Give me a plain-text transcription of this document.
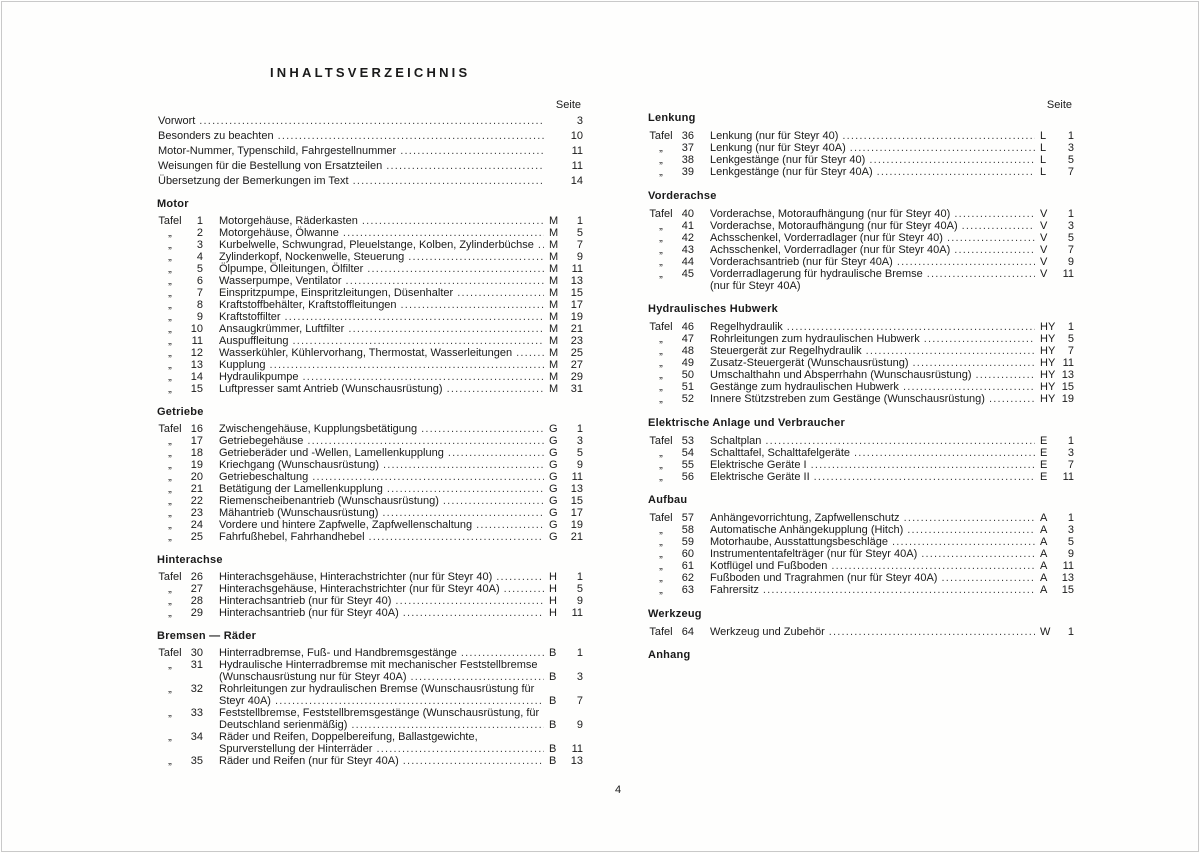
INHALTSVERZEICHNIS
Seite
Vorwort .....	3
Besonders zu beachten .....	10
Motor-Nummer, Typenschild, Fahrgestellnummer .....	11
Weisungen für die Bestellung von Ersatzteilen .....	11
Übersetzung der Bemerkungen im Text .....	14
Motor
Tafel	1 Motorgehäuse, Räderkasten .....	M	1
„	2 Motorgehäuse, Ölwanne .....	M	5
„	3 Kurbelwelle, Schwungrad, Pleuelstange, Kolben, Zylinderbüchse ..... M	7
„	4 Zylinderkopf, Nockenwelle, Steuerung .....	M	9
„	5 Ölpumpe, Ölleitungen, Ölfilter .....	M	11
„	6 Wasserpumpe, Ventilator .....	M	13
„	7 Einspritzpumpe, Einspritzleitungen, Düsenhalter .....	M	15
„	8 Kraftstoffbehälter, Kraftstoffleitungen .....	M	17
„	9 Kraftstoffilter .....	M	19
„	10 Ansaugkrümmer, Luftfilter .....	M	21
„	11 Auspuffleitung .....	M	23
„	12 Wasserkühler, Kühlervorhang, Thermostat, Wasserleitungen .....	M	25
„	13 Kupplung .....	M	27
„	14 Hydraulikpumpe .....	M	29
„	15 Luftpresser samt Antrieb (Wunschausrüstung) .....	M	31
Getriebe
Tafel 16 Zwischengehäuse, Kupplungsbetätigung .....	G	1
„	17 Getriebegehäuse .....	G	3
„	18 Getrieberäder und -Wellen, Lamellenkupplung .....	G	5
„	19 Kriechgang (Wunschausrüstung) .....	G	9
„	20 Getriebeschaltung .....	G	11
„	21 Betätigung der Lamellenkupplung .....	G	13
„	22 Riemenscheibenantrieb (Wunschausrüstung) .....	G	15
„	23 Mähantrieb (Wunschausrüstung) .....	G	17
„	24 Vordere und hintere Zapfwelle, Zapfwellenschaltung .....	G	19
„	25 Fahrfußhebel, Fahrhandhebel .....	G	21
Hinterachse
Tafel 26 Hinterachsgehäuse, Hinterachstrichter (nur für Steyr 40) .....	H	1
„	27 Hinterachsgehäuse, Hinterachstrichter (nur für Steyr 40A) .....	H	5
„	28 Hinterachsantrieb (nur für Steyr 40) .....	H	9
„	29 Hinterachsantrieb (nur für Steyr 40A) .....	H	11
Bremsen — Räder
Tafel 30 Hinterradbremse, Fuß- und Handbremsgestänge .....	B	1
„	31 Hydraulische Hinterradbremse mit mechanischer Feststellbremse
(Wunschausrüstung nur für Steyr 40A) .....	B	3
„	32 Rohrleitungen zur hydraulischen Bremse (Wunschausrüstung für
Steyr 40A) .....	B	7
„	33 Feststellbremse, Feststellbremsgestänge (Wunschausrüstung, für
Deutschland serienmäßig) .....	B	9
„	34 Räder und Reifen, Doppelbereifung, Ballastgewichte,
Spurverstellung der Hinterräder .....	B	11
„	35 Räder und Reifen (nur für Steyr 40A) .....	B	13
Seite
Lenkung
Tafel 36 Lenkung (nur für Steyr 40) .....	L	1
„	37 Lenkung (nur für Steyr 40A) .....	L	3
„	38 Lenkgestänge (nur für Steyr 40) .....	L	5
„	39 Lenkgestänge (nur für Steyr 40A) .....	L	7
Vorderachse
Tafel 40 Vorderachse, Motoraufhängung (nur für Steyr 40) .....	V	1
„	41 Vorderachse, Motoraufhängung (nur für Steyr 40A) .....	V	3
„	42 Achsschenkel, Vorderradlager (nur für Steyr 40) .....	V	5
„	43 Achsschenkel, Vorderradlager (nur für Steyr 40A) .....	V	7
„	44 Vorderachsantrieb (nur für Steyr 40A) .....	V	9
„	45 Vorderradlagerung für hydraulische Bremse .....	V	11
(nur für Steyr 40A)
Hydraulisches Hubwerk
Tafel 46 Regelhydraulik .....	HY	1
„	47 Rohrleitungen zum hydraulischen Hubwerk .....	HY	5
„	48 Steuergerät zur Regelhydraulik .....	HY	7
„	49 Zusatz-Steuergerät (Wunschausrüstung) .....	HY 11
„	50 Umschalthahn und Absperrhahn (Wunschausrüstung) .....	HY 13
„	51 Gestänge zum hydraulischen Hubwerk .....	HY 15
„	52 Innere Stützstreben zum Gestänge (Wunschausrüstung) .....	HY 19
Elektrische Anlage und Verbraucher
Tafel 53 Schaltplan .....	E	1
„	54 Schalttafel, Schalttafelgeräte .....	E	3
„	55 Elektrische Geräte I .....	E	7
„	56 Elektrische Geräte II .....	E	11
Aufbau
Tafel 57 Anhängevorrichtung, Zapfwellenschutz .....	A	1
„	58 Automatische Anhängekupplung (Hitch) .....	A	3
„	59 Motorhaube, Ausstattungsbeschläge .....	A	5
„	60 Instrumententafelträger (nur für Steyr 40A) .....	A	9
„	61 Kotflügel und Fußboden .....	A	11
„	62 Fußboden und Tragrahmen (nur für Steyr 40A) .....	A	13
„	63 Fahrersitz .....	A	15
Werkzeug
Tafel 64 Werkzeug und Zubehör .....	W	1
Anhang
4
